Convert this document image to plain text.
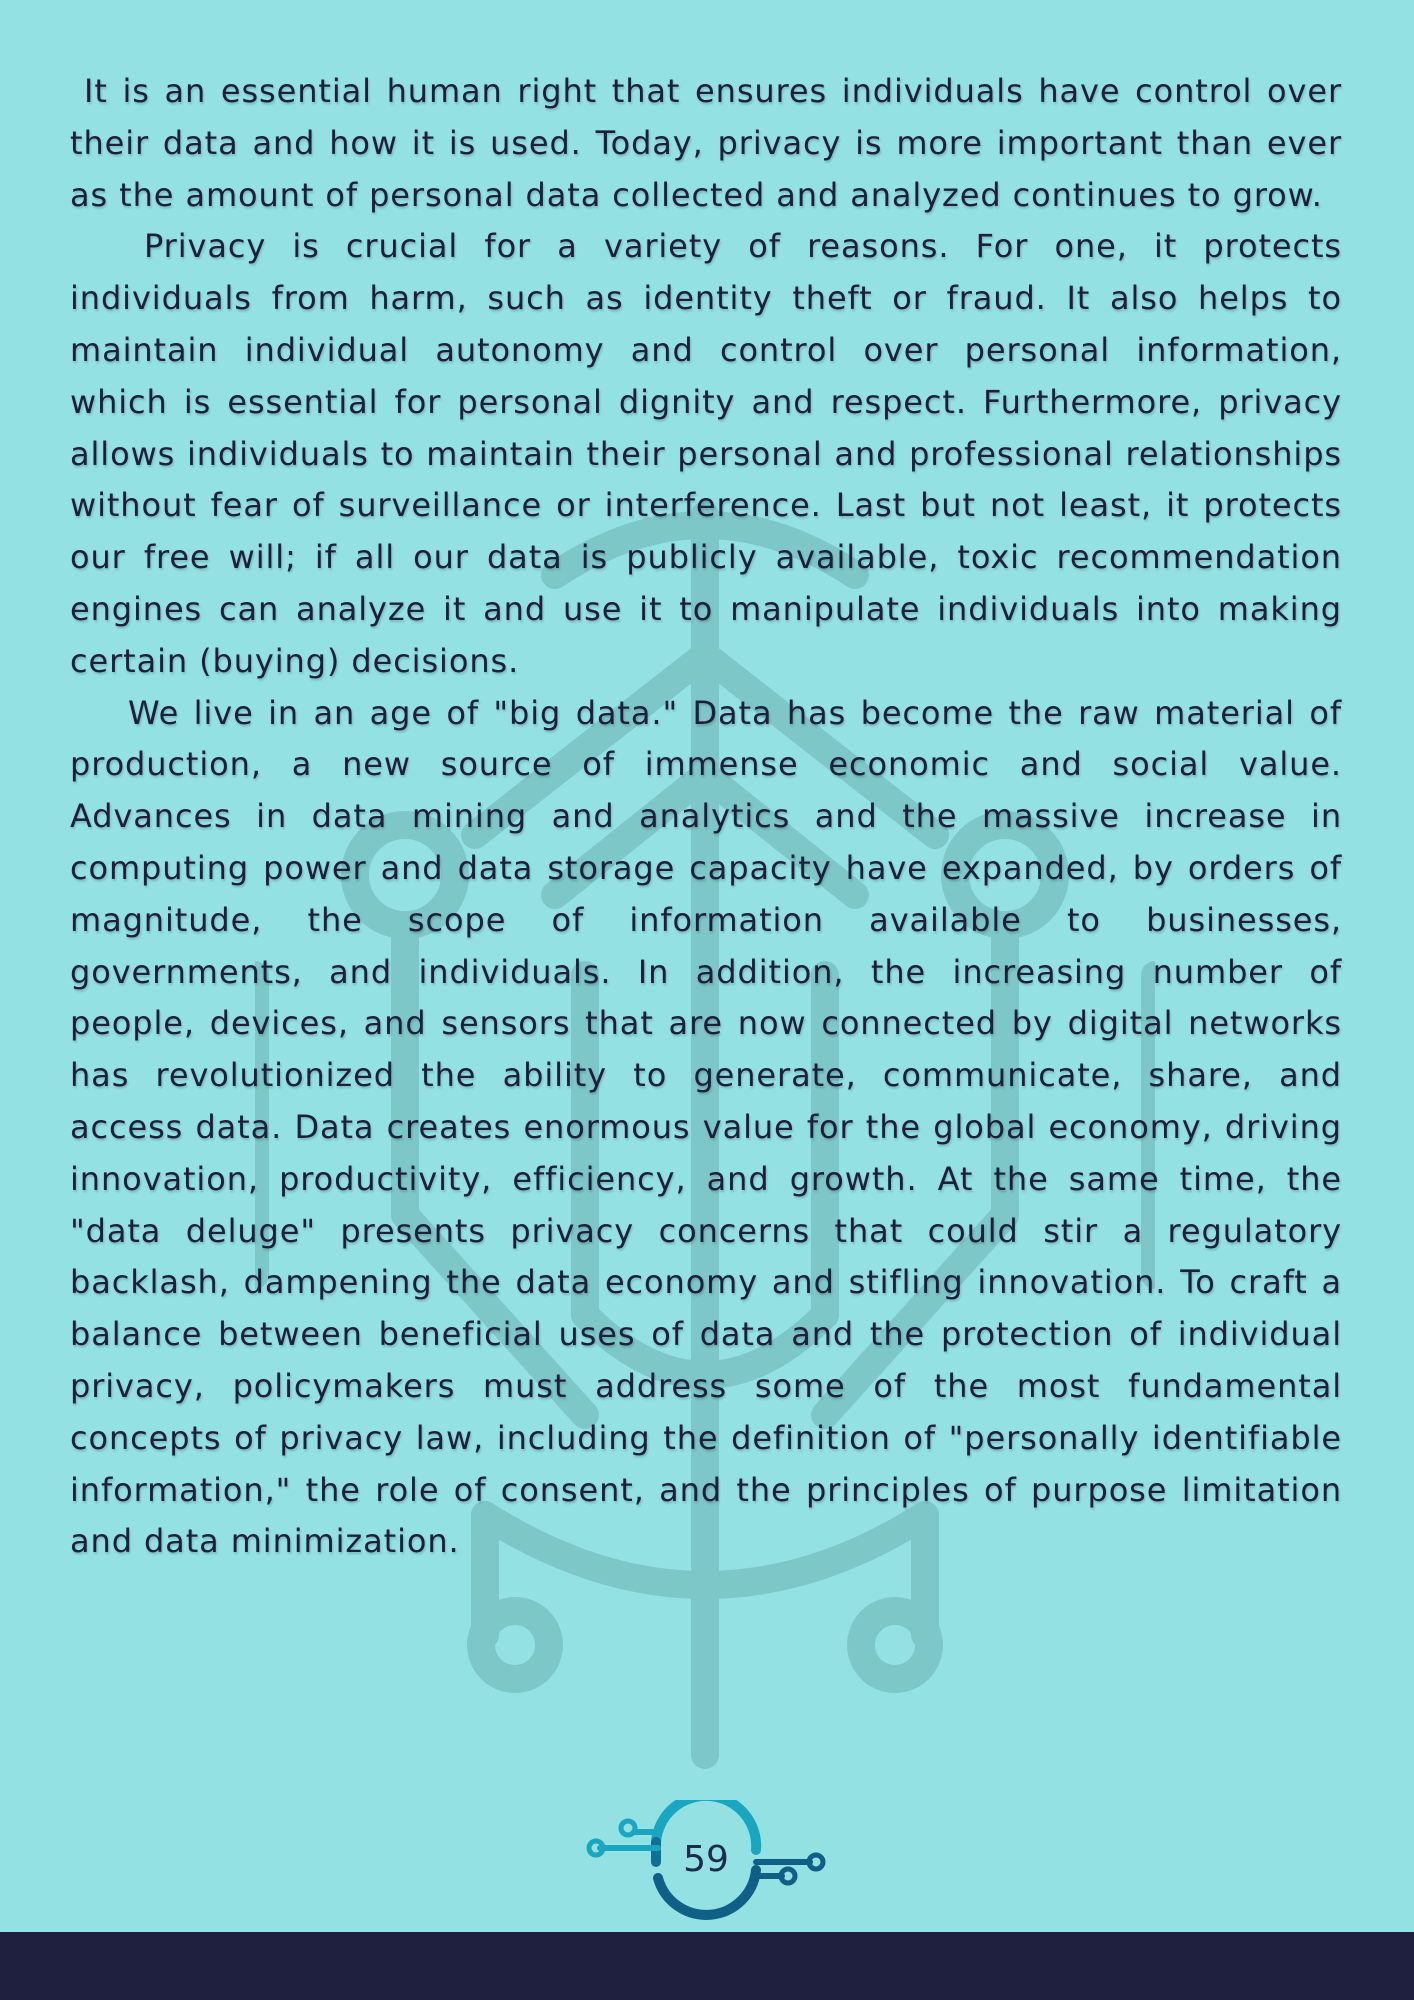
It is an essential human right that ensures individuals have control over their data and how it is used. Today, privacy is more important than ever as the amount of personal data collected and analyzed continues to grow.

Privacy is crucial for a variety of reasons. For one, it protects individuals from harm, such as identity theft or fraud. It also helps to maintain individual autonomy and control over personal information, which is essential for personal dignity and respect. Furthermore, privacy allows individuals to maintain their personal and professional relationships without fear of surveillance or interference. Last but not least, it protects our free will; if all our data is publicly available, toxic recommendation engines can analyze it and use it to manipulate individuals into making certain (buying) decisions.

We live in an age of "big data." Data has become the raw material of production, a new source of immense economic and social value. Advances in data mining and analytics and the massive increase in computing power and data storage capacity have expanded, by orders of magnitude, the scope of information available to businesses, governments, and individuals. In addition, the increasing number of people, devices, and sensors that are now connected by digital networks has revolutionized the ability to generate, communicate, share, and access data. Data creates enormous value for the global economy, driving innovation, productivity, efficiency, and growth. At the same time, the "data deluge" presents privacy concerns that could stir a regulatory backlash, dampening the data economy and stifling innovation. To craft a balance between beneficial uses of data and the protection of individual privacy, policymakers must address some of the most fundamental concepts of privacy law, including the definition of "personally identifiable information," the role of consent, and the principles of purpose limitation and data minimization.

59
